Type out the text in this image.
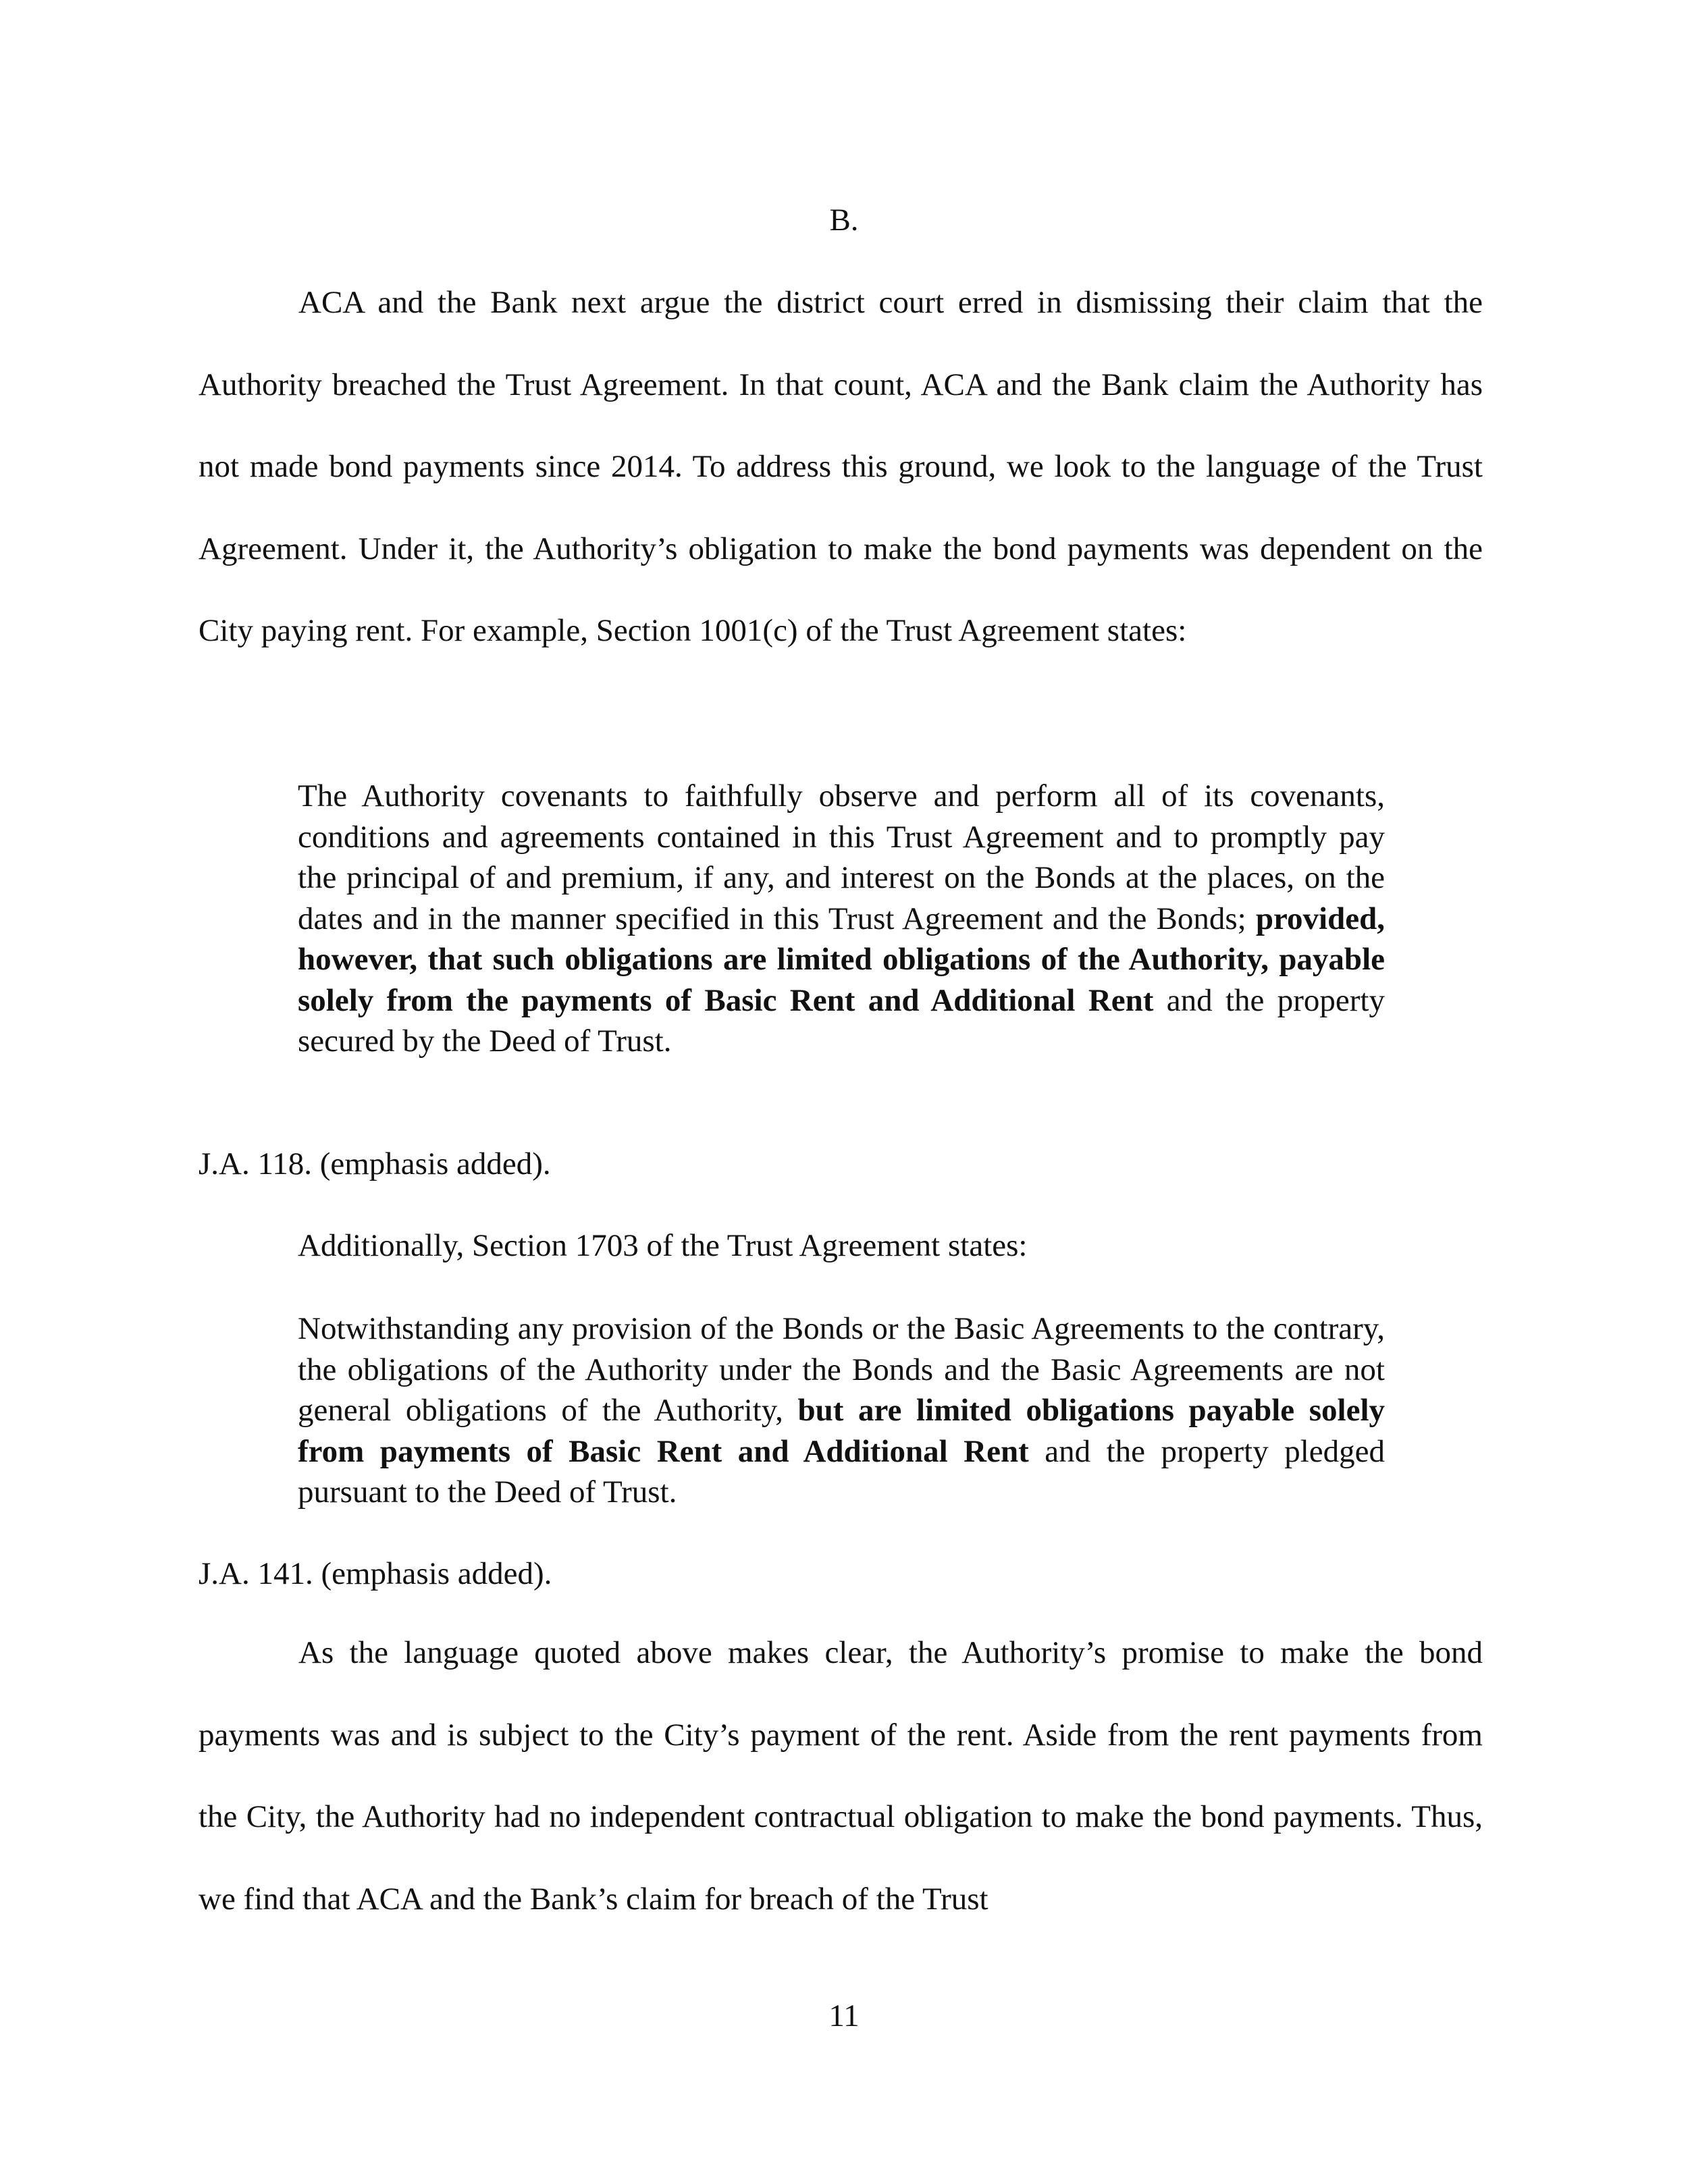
B.

ACA and the Bank next argue the district court erred in dismissing their claim that the Authority breached the Trust Agreement. In that count, ACA and the Bank claim the Authority has not made bond payments since 2014. To address this ground, we look to the language of the Trust Agreement. Under it, the Authority’s obligation to make the bond payments was dependent on the City paying rent. For example, Section 1001(c) of the Trust Agreement states:

The Authority covenants to faithfully observe and perform all of its covenants, conditions and agreements contained in this Trust Agreement and to promptly pay the principal of and premium, if any, and interest on the Bonds at the places, on the dates and in the manner specified in this Trust Agreement and the Bonds; provided, however, that such obligations are limited obligations of the Authority, payable solely from the payments of Basic Rent and Additional Rent and the property secured by the Deed of Trust.

J.A. 118. (emphasis added).

Additionally, Section 1703 of the Trust Agreement states:

Notwithstanding any provision of the Bonds or the Basic Agreements to the contrary, the obligations of the Authority under the Bonds and the Basic Agreements are not general obligations of the Authority, but are limited obligations payable solely from payments of Basic Rent and Additional Rent and the property pledged pursuant to the Deed of Trust.

J.A. 141. (emphasis added).

As the language quoted above makes clear, the Authority’s promise to make the bond payments was and is subject to the City’s payment of the rent. Aside from the rent payments from the City, the Authority had no independent contractual obligation to make the bond payments. Thus, we find that ACA and the Bank’s claim for breach of the Trust

11
